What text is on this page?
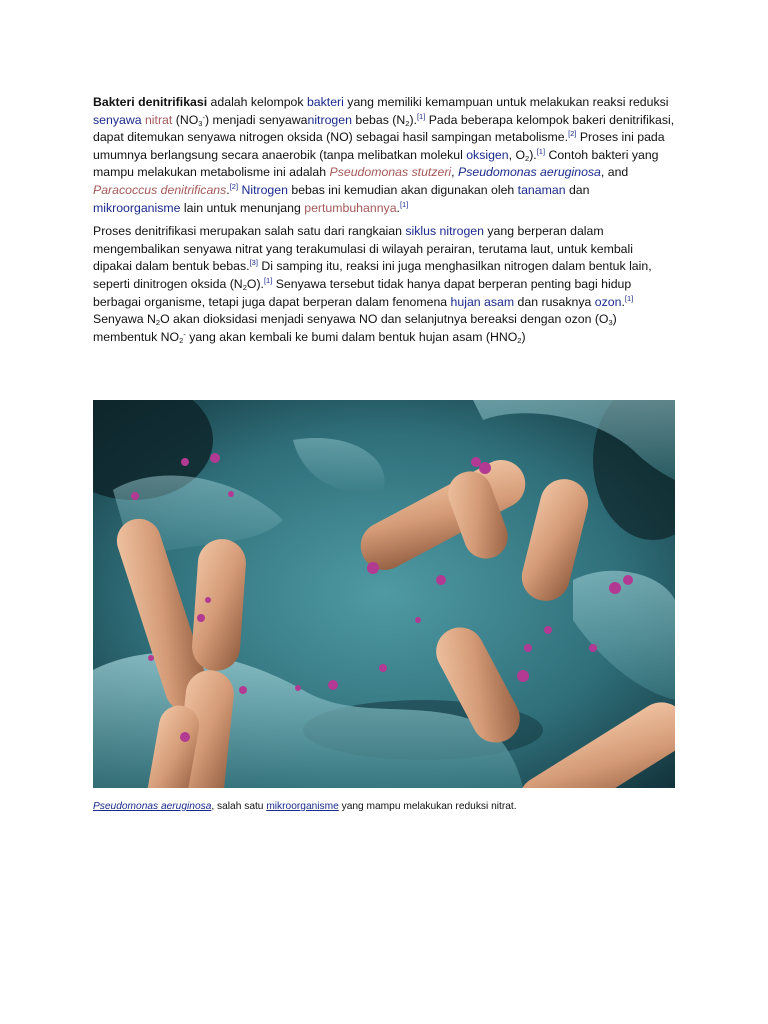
Bakteri denitrifikasi adalah kelompok bakteri yang memiliki kemampuan untuk melakukan reaksi reduksi senyawa nitrat $(NO_3^-)$ menjadi senyawanitrogen bebas $(N_2).[1]$ Pada beberapa kelompok bakeri denitrifikasi, dapat ditemukan senyawa nitrogen oksida (NO) sebagai hasil sampingan metabolisme.[2] Proses ini pada umumnya berlangsung secara anaerobik (tanpa melibatkan molekul oksigen, $O_2).[1]$ Contoh bakteri yang mampu melakukan metabolisme ini adalah Pseudomonas stutzeri, Pseudomonas aeruginosa, and Paracoccus denitrificans.[2] Nitrogen bebas ini kemudian akan digunakan oleh tanaman dan mikroorganisme lain untuk menunjang pertumbuhannya.[1]

Proses denitrifikasi merupakan salah satu dari rangkaian siklus nitrogen yang berperan dalam mengembalikan senyawa nitrat yang terakumulasi di wilayah perairan, terutama laut, untuk kembali dipakai dalam bentuk bebas.[3] Di samping itu, reaksi ini juga menghasilkan nitrogen dalam bentuk lain, seperti dinitrogen oksida $(N_2O).[1]$ Senyawa tersebut tidak hanya dapat berperan penting bagi hidup berbagai organisme, tetapi juga dapat berperan dalam fenomena hujan asam dan rusaknya ozon.[1] Senyawa $N_2O$ akan dioksidasi menjadi senyawa NO dan selanjutnya bereaksi dengan ozon $(O_3)$ membentuk $NO_2^-$ yang akan kembali ke bumi dalam bentuk hujan asam $(HNO_2)$

Pseudomonas aeruginosa, salah satu mikroorganisme yang mampu melakukan reduksi nitrat.
